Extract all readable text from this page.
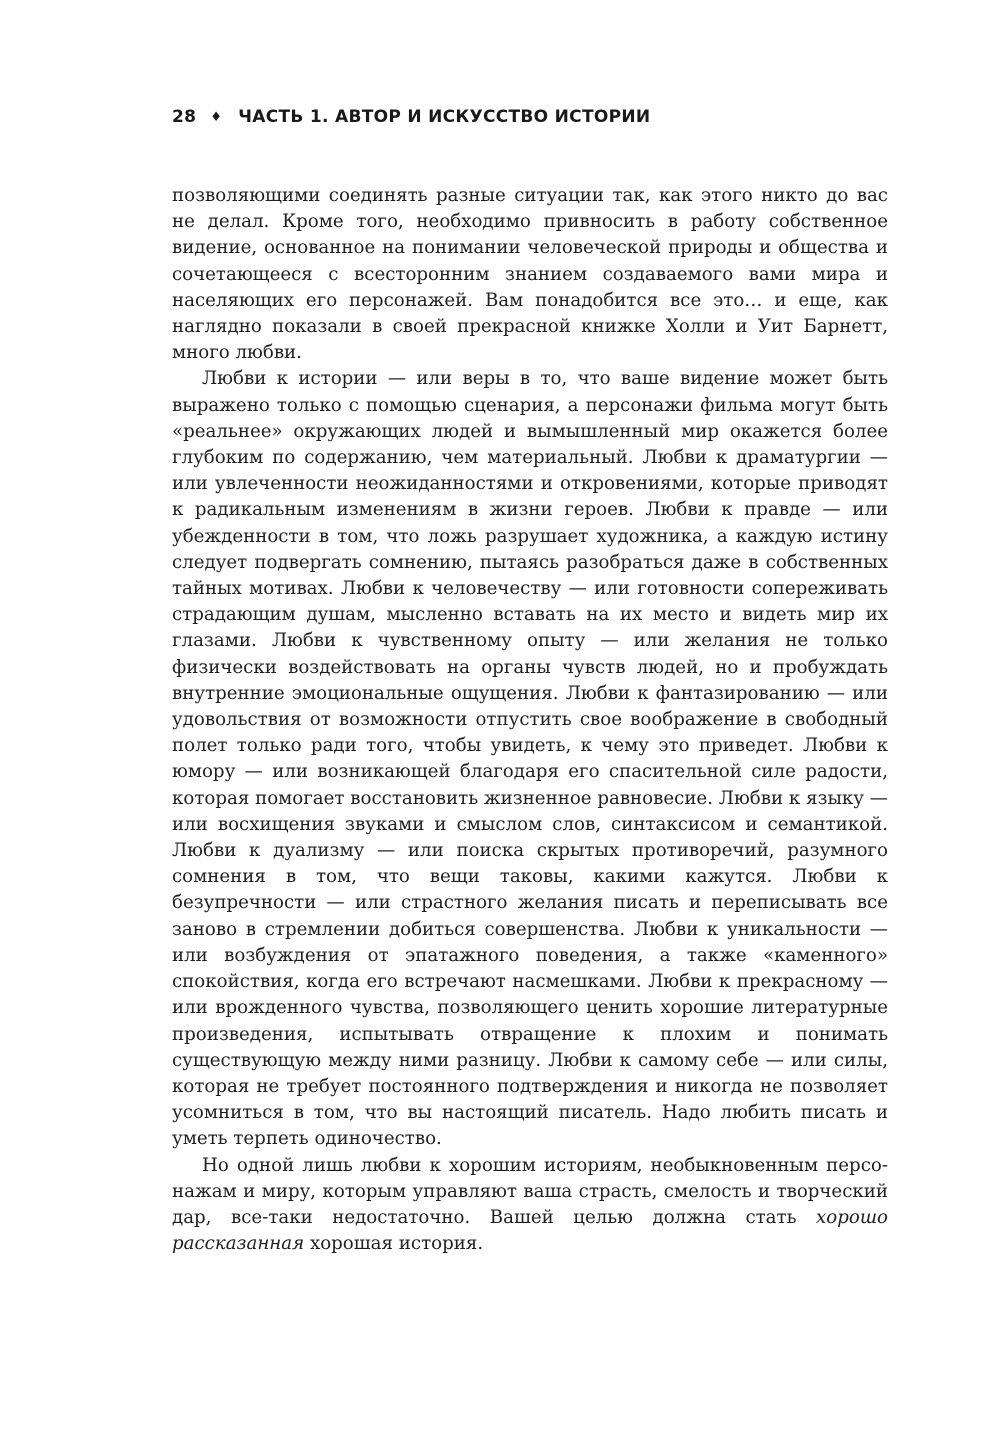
28 ♦ ЧАСТЬ 1. АВТОР И ИСКУССТВО ИСТОРИИ

позволяющими соединять разные ситуации так, как этого никто до вас не делал. Кроме того, необходимо привносить в работу собственное видение, основанное на понимании человеческой природы и общества и сочетающееся с всесторонним знанием создаваемого вами мира и населяющих его персонажей. Вам понадобится все это… и еще, как наглядно показали в своей прекрасной книжке Холли и Уит Барнетт, много любви.

Любви к истории — или веры в то, что ваше видение может быть выражено только с помощью сценария, а персонажи фильма могут быть «реальнее» окружающих людей и вымышленный мир окажется более глубоким по содержанию, чем материальный. Любви к драматургии — или увлеченности неожиданностями и откровениями, которые приводят к радикальным изменениям в жизни героев. Любви к правде — или убежденности в том, что ложь разрушает художника, а каждую истину следует подвергать сомнению, пытаясь разобраться даже в собственных тайных мотивах. Любви к человечеству — или готовности сопереживать страдающим душам, мысленно вставать на их место и видеть мир их глазами. Любви к чувственному опыту — или желания не только физически воздействовать на органы чувств людей, но и пробуждать внутренние эмоциональные ощущения. Любви к фантазированию — или удовольствия от возможности отпустить свое воображение в свободный полет только ради того, чтобы увидеть, к чему это приведет. Любви к юмору — или возникающей благодаря его спасительной силе радости, которая помогает восстановить жизненное равновесие. Любви к языку — или восхищения звуками и смыслом слов, синтаксисом и семантикой. Любви к дуализму — или поиска скрытых противоречий, разумного сомнения в том, что вещи таковы, какими кажутся. Любви к безупречности — или страстного желания писать и переписывать все заново в стремлении добиться совершенства. Любви к уникальности — или возбуждения от эпатажного поведения, а также «каменного» спокойствия, когда его встречают насмешками. Любви к прекрасному — или врожденного чувства, позволяющего ценить хорошие литературные произведения, испытывать отвращение к плохим и понимать существующую между ними разницу. Любви к самому себе — или силы, которая не требует постоянного подтверждения и никогда не позволяет усомниться в том, что вы настоящий писатель. Надо любить писать и уметь терпеть одиночество.

Но одной лишь любви к хорошим историям, необыкновенным персонажам и миру, которым управляют ваша страсть, смелость и творческий дар, все-таки недостаточно. Вашей целью должна стать хорошо рассказанная хорошая история.
